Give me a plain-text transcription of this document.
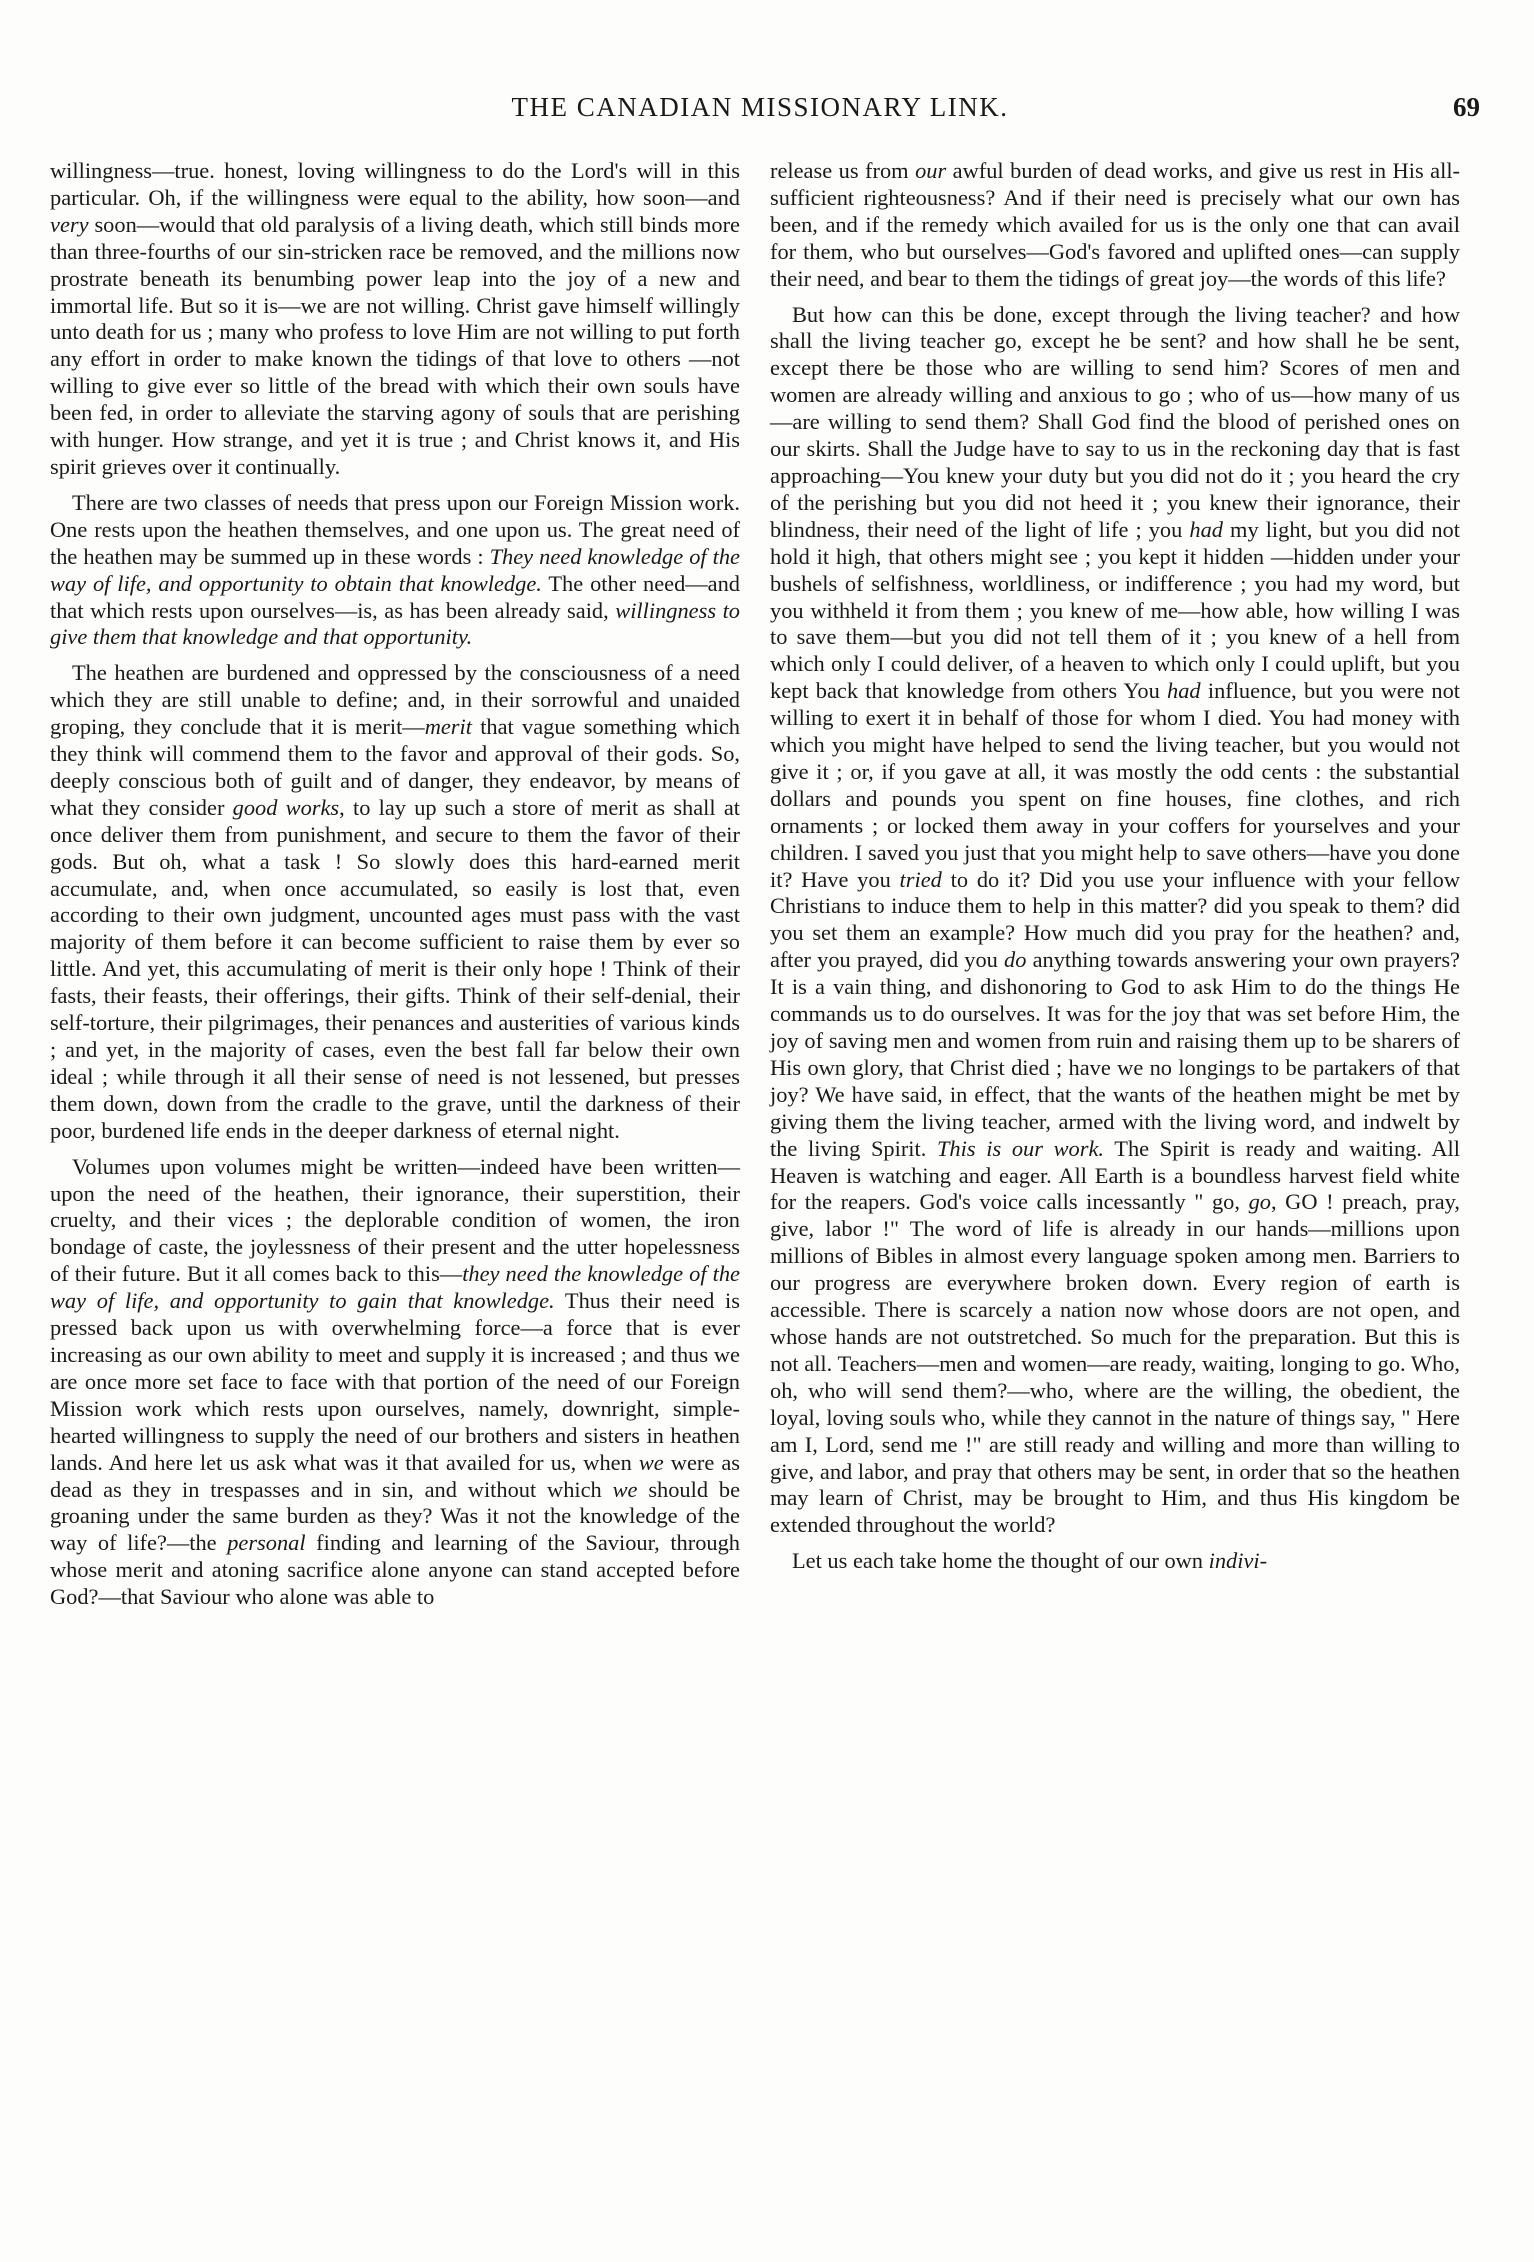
THE CANADIAN MISSIONARY LINK.	69

willingness—true. honest, loving willingness to do the Lord's will in this particular. Oh, if the willingness were equal to the ability, how soon—and very soon—would that old paralysis of a living death, which still binds more than three-fourths of our sin-stricken race be removed, and the millions now prostrate beneath its benumbing power leap into the joy of a new and immortal life. But so it is—we are not willing. Christ gave himself willingly unto death for us ; many who profess to love Him are not willing to put forth any effort in order to make known the tidings of that love to others —not willing to give ever so little of the bread with which their own souls have been fed, in order to alleviate the starving agony of souls that are perishing with hunger. How strange, and yet it is true ; and Christ knows it, and His spirit grieves over it continually.

There are two classes of needs that press upon our Foreign Mission work. One rests upon the heathen themselves, and one upon us. The great need of the heathen may be summed up in these words : They need knowledge of the way of life, and opportunity to obtain that knowledge. The other need—and that which rests upon ourselves—is, as has been already said, willingness to give them that knowledge and that opportunity.

The heathen are burdened and oppressed by the consciousness of a need which they are still unable to define; and, in their sorrowful and unaided groping, they conclude that it is merit—merit that vague something which they think will commend them to the favor and approval of their gods. So, deeply conscious both of guilt and of danger, they endeavor, by means of what they consider good works, to lay up such a store of merit as shall at once deliver them from punishment, and secure to them the favor of their gods. But oh, what a task ! So slowly does this hard-earned merit accumulate, and, when once accumulated, so easily is lost that, even according to their own judgment, uncounted ages must pass with the vast majority of them before it can become sufficient to raise them by ever so little. And yet, this accumulating of merit is their only hope ! Think of their fasts, their feasts, their offerings, their gifts. Think of their self-denial, their self-torture, their pilgrimages, their penances and austerities of various kinds ; and yet, in the majority of cases, even the best fall far below their own ideal ; while through it all their sense of need is not lessened, but presses them down, down from the cradle to the grave, until the darkness of their poor, burdened life ends in the deeper darkness of eternal night.

Volumes upon volumes might be written—indeed have been written—upon the need of the heathen, their ignorance, their superstition, their cruelty, and their vices ; the deplorable condition of women, the iron bondage of caste, the joylessness of their present and the utter hopelessness of their future. But it all comes back to this—they need the knowledge of the way of life, and opportunity to gain that knowledge. Thus their need is pressed back upon us with overwhelming force—a force that is ever increasing as our own ability to meet and supply it is increased ; and thus we are once more set face to face with that portion of the need of our Foreign Mission work which rests upon ourselves, namely, downright, simple-hearted willingness to supply the need of our brothers and sisters in heathen lands. And here let us ask what was it that availed for us, when we were as dead as they in trespasses and in sin, and without which we should be groaning under the same burden as they? Was it not the knowledge of the way of life?—the personal finding and learning of the Saviour, through whose merit and atoning sacrifice alone anyone can stand accepted before God?—that Saviour who alone was able to

release us from our awful burden of dead works, and give us rest in His all-sufficient righteousness? And if their need is precisely what our own has been, and if the remedy which availed for us is the only one that can avail for them, who but ourselves—God's favored and uplifted ones—can supply their need, and bear to them the tidings of great joy—the words of this life?

But how can this be done, except through the living teacher? and how shall the living teacher go, except he be sent? and how shall he be sent, except there be those who are willing to send him? Scores of men and women are already willing and anxious to go ; who of us—how many of us—are willing to send them? Shall God find the blood of perished ones on our skirts. Shall the Judge have to say to us in the reckoning day that is fast approaching—You knew your duty but you did not do it ; you heard the cry of the perishing but you did not heed it ; you knew their ignorance, their blindness, their need of the light of life ; you had my light, but you did not hold it high, that others might see ; you kept it hidden —hidden under your bushels of selfishness, worldliness, or indifference ; you had my word, but you withheld it from them ; you knew of me—how able, how willing I was to save them—but you did not tell them of it ; you knew of a hell from which only I could deliver, of a heaven to which only I could uplift, but you kept back that knowledge from others You had influence, but you were not willing to exert it in behalf of those for whom I died. You had money with which you might have helped to send the living teacher, but you would not give it ; or, if you gave at all, it was mostly the odd cents : the substantial dollars and pounds you spent on fine houses, fine clothes, and rich ornaments ; or locked them away in your coffers for yourselves and your children. I saved you just that you might help to save others—have you done it? Have you tried to do it? Did you use your influence with your fellow Christians to induce them to help in this matter? did you speak to them? did you set them an example? How much did you pray for the heathen? and, after you prayed, did you do anything towards answering your own prayers? It is a vain thing, and dishonoring to God to ask Him to do the things He commands us to do ourselves. It was for the joy that was set before Him, the joy of saving men and women from ruin and raising them up to be sharers of His own glory, that Christ died ; have we no longings to be partakers of that joy? We have said, in effect, that the wants of the heathen might be met by giving them the living teacher, armed with the living word, and indwelt by the living Spirit. This is our work. The Spirit is ready and waiting. All Heaven is watching and eager. All Earth is a boundless harvest field white for the reapers. God's voice calls incessantly " go, go, GO ! preach, pray, give, labor !" The word of life is already in our hands—millions upon millions of Bibles in almost every language spoken among men. Barriers to our progress are everywhere broken down. Every region of earth is accessible. There is scarcely a nation now whose doors are not open, and whose hands are not outstretched. So much for the preparation. But this is not all. Teachers—men and women—are ready, waiting, longing to go. Who, oh, who will send them?—who, where are the willing, the obedient, the loyal, loving souls who, while they cannot in the nature of things say, " Here am I, Lord, send me !" are still ready and willing and more than willing to give, and labor, and pray that others may be sent, in order that so the heathen may learn of Christ, may be brought to Him, and thus His kingdom be extended throughout the world?

Let us each take home the thought of our own indivi-
